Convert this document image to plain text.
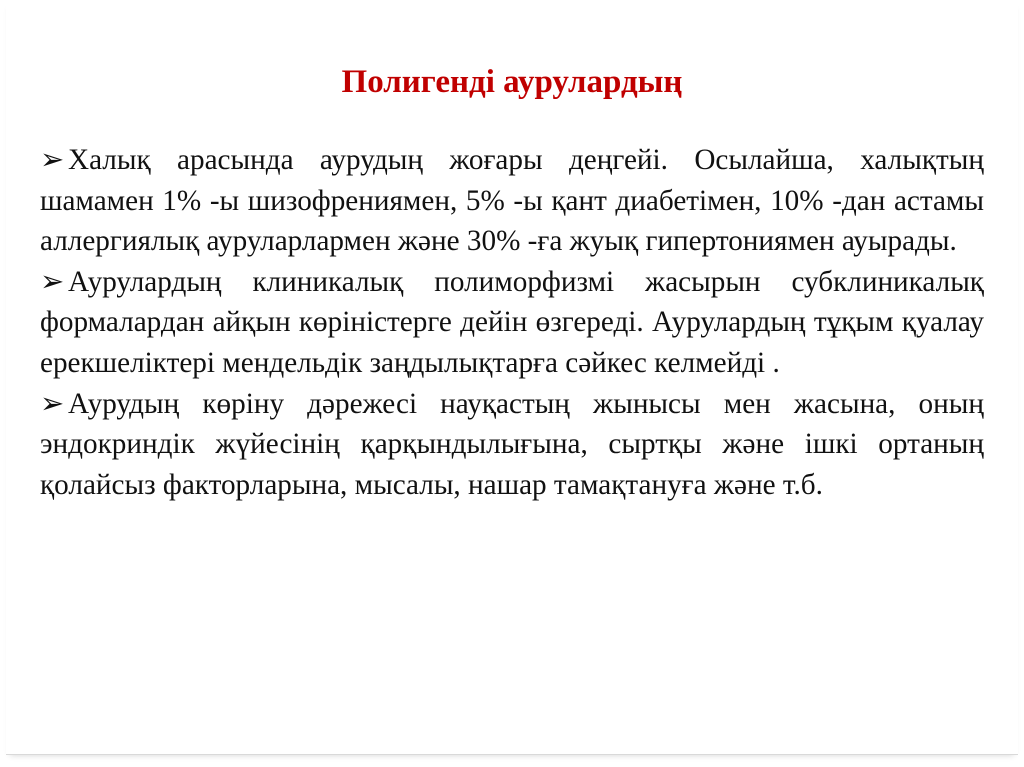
Полигенді аурулардың

➢ Халық арасында аурудың жоғары деңгейі. Осылайша, халықтың шамамен 1% -ы шизофрениямен, 5% -ы қант диабетімен, 10% -дан астамы аллергиялық ауруларлармен және 30% -ға жуық гипертониямен ауырады.

➢ Аурулардың клиникалық полиморфизмі жасырын субклиникалық формалардан айқын көріністерге дейін өзгереді. Аурулардың тұқым қуалау ерекшеліктері мендельдік заңдылықтарға сәйкес келмейді .

➢ Аурудың көріну дәрежесі науқастың жынысы мен жасына, оның эндокриндік жүйесінің қарқындылығына, сыртқы және ішкі ортаның қолайсыз факторларына, мысалы, нашар тамақтануға және т.б.
